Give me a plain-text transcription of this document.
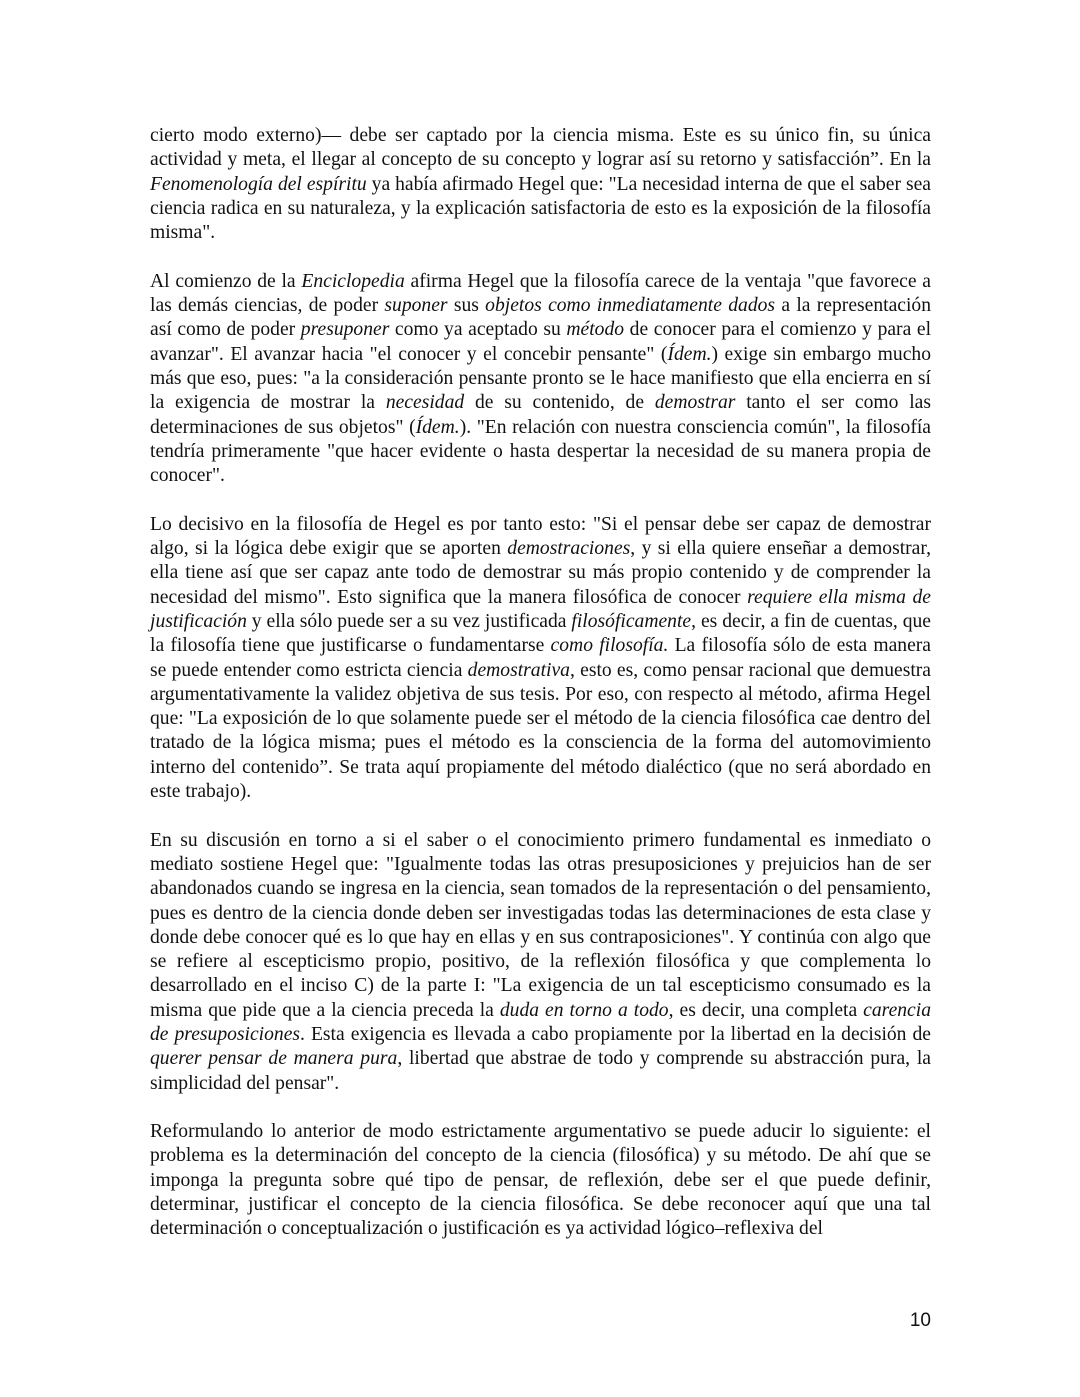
cierto modo externo)— debe ser captado por la ciencia misma. Este es su único fin, su única actividad y meta, el llegar al concepto de su concepto y lograr así su retorno y satisfacción”. En la Fenomenología del espíritu ya había afirmado Hegel que: "La necesidad interna de que el saber sea ciencia radica en su naturaleza, y la explicación satisfactoria de esto es la exposición de la filosofía misma".

Al comienzo de la Enciclopedia afirma Hegel que la filosofía carece de la ventaja "que favorece a las demás ciencias, de poder suponer sus objetos como inmediatamente dados a la representación así como de poder presuponer como ya aceptado su método de conocer para el comienzo y para el avanzar". El avanzar hacia "el conocer y el concebir pensante" (Ídem.) exige sin embargo mucho más que eso, pues: "a la consideración pensante pronto se le hace manifiesto que ella encierra en sí la exigencia de mostrar la necesidad de su contenido, de demostrar tanto el ser como las determinaciones de sus objetos" (Ídem.). "En relación con nuestra consciencia común", la filosofía tendría primeramente "que hacer evidente o hasta despertar la necesidad de su manera propia de conocer".

Lo decisivo en la filosofía de Hegel es por tanto esto: "Si el pensar debe ser capaz de demostrar algo, si la lógica debe exigir que se aporten demostraciones, y si ella quiere enseñar a demostrar, ella tiene así que ser capaz ante todo de demostrar su más propio contenido y de comprender la necesidad del mismo". Esto significa que la manera filosófica de conocer requiere ella misma de justificación y ella sólo puede ser a su vez justificada filosóficamente, es decir, a fin de cuentas, que la filosofía tiene que justificarse o fundamentarse como filosofía. La filosofía sólo de esta manera se puede entender como estricta ciencia demostrativa, esto es, como pensar racional que demuestra argumentativamente la validez objetiva de sus tesis. Por eso, con respecto al método, afirma Hegel que: "La exposición de lo que solamente puede ser el método de la ciencia filosófica cae dentro del tratado de la lógica misma; pues el método es la consciencia de la forma del automovimiento interno del contenido”. Se trata aquí propiamente del método dialéctico (que no será abordado en este trabajo).

En su discusión en torno a si el saber o el conocimiento primero fundamental es inmediato o mediato sostiene Hegel que: "Igualmente todas las otras presuposiciones y prejuicios han de ser abandonados cuando se ingresa en la ciencia, sean tomados de la representación o del pensamiento, pues es dentro de la ciencia donde deben ser investigadas todas las determinaciones de esta clase y donde debe conocer qué es lo que hay en ellas y en sus contraposiciones". Y continúa con algo que se refiere al escepticismo propio, positivo, de la reflexión filosófica y que complementa lo desarrollado en el inciso C) de la parte I: "La exigencia de un tal escepticismo consumado es la misma que pide que a la ciencia preceda la duda en torno a todo, es decir, una completa carencia de presuposiciones. Esta exigencia es llevada a cabo propiamente por la libertad en la decisión de querer pensar de manera pura, libertad que abstrae de todo y comprende su abstracción pura, la simplicidad del pensar".

Reformulando lo anterior de modo estrictamente argumentativo se puede aducir lo siguiente: el problema es la determinación del concepto de la ciencia (filosófica) y su método. De ahí que se imponga la pregunta sobre qué tipo de pensar, de reflexión, debe ser el que puede definir, determinar, justificar el concepto de la ciencia filosófica. Se debe reconocer aquí que una tal determinación o conceptualización o justificación es ya actividad lógico–reflexiva del

10
